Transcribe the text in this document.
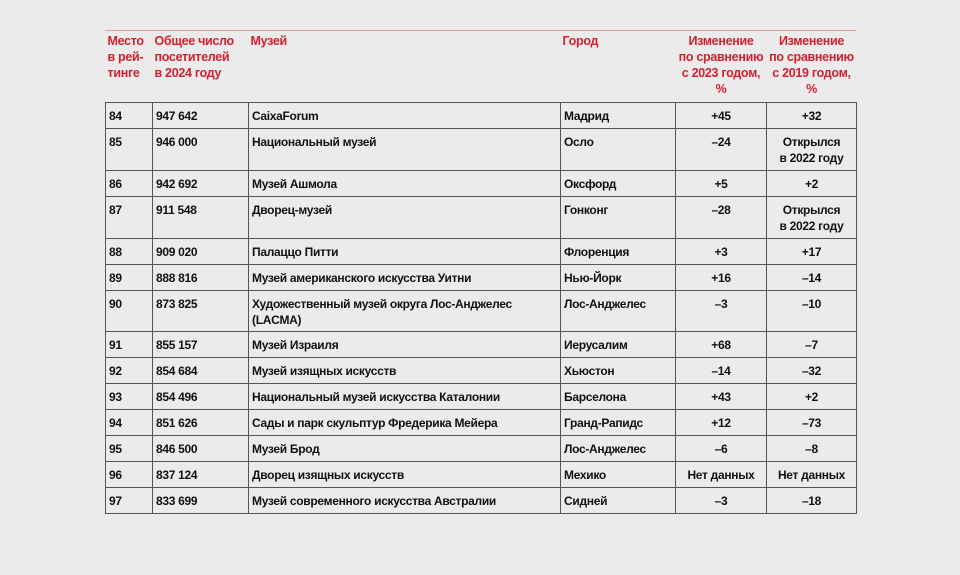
Место
в рей-
тинге	Общее число
посетителей
в 2024 году	Музей	Город	Изменение
по сравнению
с 2023 годом,
%	Изменение
по сравнению
с 2019 годом,
%
84	947 642	CaixaForum	Мадрид	+45	+32
85	946 000	Национальный музей	Осло	–24	Открылся
в 2022 году
86	942 692	Музей Ашмола	Оксфорд	+5	+2
87	911 548	Дворец-музей	Гонконг	–28	Открылся
в 2022 году
88	909 020	Палаццо Питти	Флоренция	+3	+17
89	888 816	Музей американского искусства Уитни	Нью-Йорк	+16	–14
90	873 825	Художественный музей округа Лос-Анджелес (LACMA)	Лос-Анджелес	–3	–10
91	855 157	Музей Израиля	Иерусалим	+68	–7
92	854 684	Музей изящных искусств	Хьюстон	–14	–32
93	854 496	Национальный музей искусства Каталонии	Барселона	+43	+2
94	851 626	Сады и парк скульптур Фредерика Мейера	Гранд-Рапидс	+12	–73
95	846 500	Музей Брод	Лос-Анджелес	–6	–8
96	837 124	Дворец изящных искусств	Мехико	Нет данных	Нет данных
97	833 699	Музей современного искусства Австралии	Сидней	–3	–18
